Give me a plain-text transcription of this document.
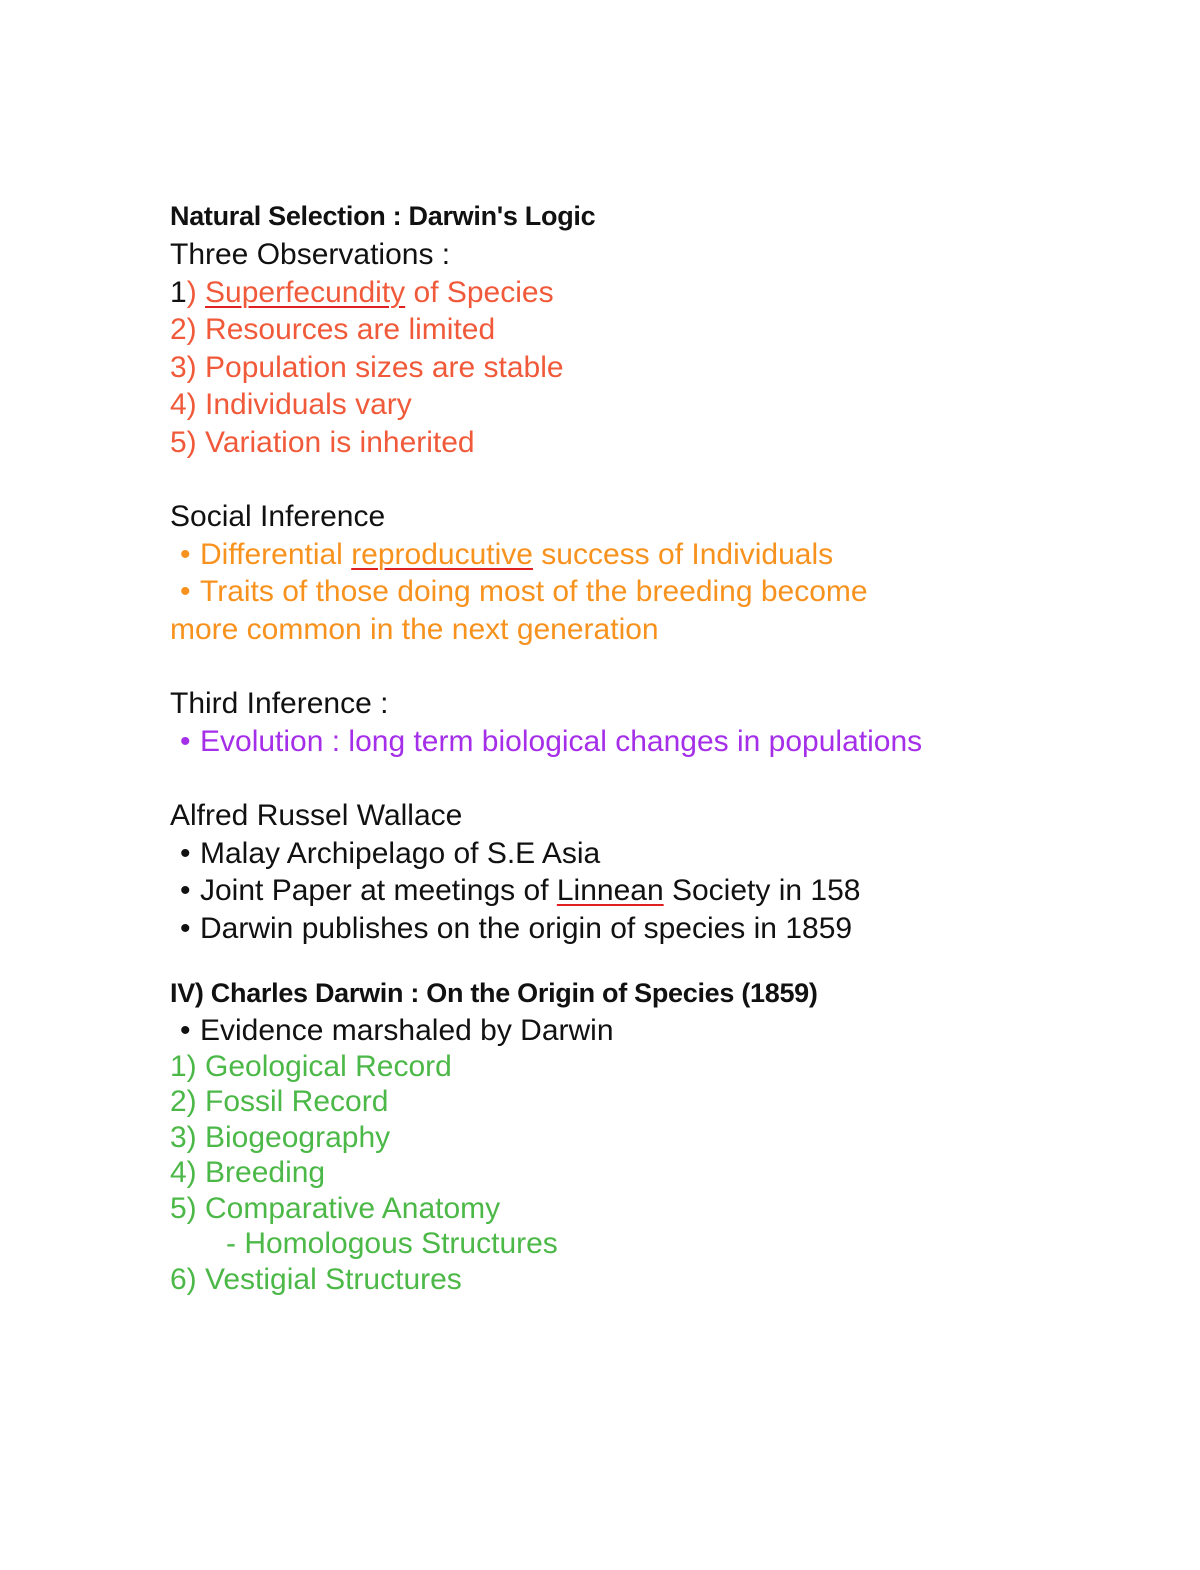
Natural Selection : Darwin's Logic
Three Observations :
1) Superfecundity of Species
2) Resources are limited
3) Population sizes are stable
4) Individuals vary
5) Variation is inherited
Social Inference
• Differential reproducutive success of Individuals
• Traits of those doing most of the breeding become
more common in the next generation
Third Inference :
• Evolution : long term biological changes in populations
Alfred Russel Wallace
• Malay Archipelago of S.E Asia
• Joint Paper at meetings of Linnean Society in 158
• Darwin publishes on the origin of species in 1859
IV) Charles Darwin : On the Origin of Species (1859)
• Evidence marshaled by Darwin
1) Geological Record
2) Fossil Record
3) Biogeography
4) Breeding
5) Comparative Anatomy
- Homologous Structures
6) Vestigial Structures
